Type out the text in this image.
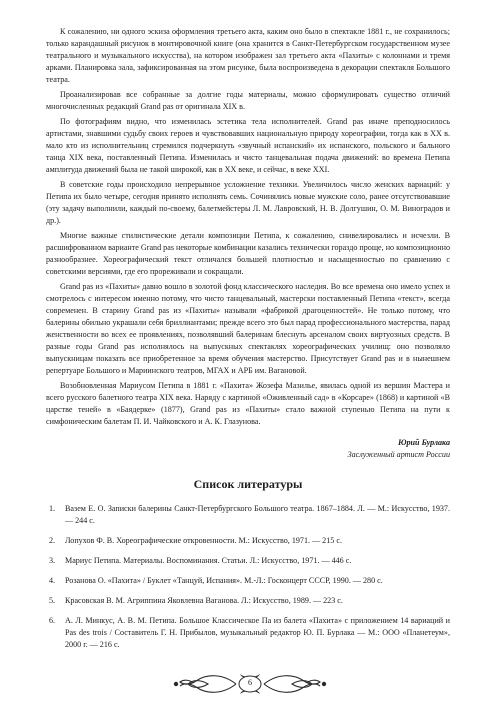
К сожалению, ни одного эскиза оформления третьего акта, каким оно было в спектакле 1881 г., не сохранилось; только карандашный рисунок в монтировочной книге (она хранится в Санкт-Петербургском государственном музее театрального и музыкального искусства), на котором изображен зал третьего акта «Пахиты» с колоннами и тремя арками. Планировка зала, зафиксированная на этом рисунке, была воспроизведена в декорации спектакля Большого театра.

Проанализировав все собранные за долгие годы материалы, можно сформулировать существо отличий многочисленных редакций Grand pas от оригинала XIX в.

По фотографиям видно, что изменилась эстетика тела исполнителей. Grand pas иначе преподносилось артистами, знавшими судьбу своих героев и чувствовавших национальную природу хореографии, тогда как в XX в. мало кто из исполнительниц стремился подчеркнуть «звучный испанский» их испанского, польского и бального танца XIX века, поставленный Петипа. Изменилась и чисто танцевальная подача движений: во времена Петипа амплитуда движений была не такой широкой, как в XX веке, и сейчас, в веке XXI.

В советские годы происходило непрерывное усложнение техники. Увеличилось число женских вариаций: у Петипа их было четыре, сегодня принято исполнять семь. Сочинялись новые мужские соло, ранее отсутствовавшие (эту задачу выполнили, каждый по-своему, балетмейстеры Л. М. Лавровский, Н. В. Долгушин, О. М. Виноградов и др.).

Многие важные стилистические детали композиции Петипа, к сожалению, снивелировались и исчезли. В расшифрованном варианте Grand pas некоторые комбинации казались технически гораздо проще, но композиционно разнообразнее. Хореографический текст отличался большей плотностью и насыщенностью по сравнению с советскими версиями, где его прореживали и сокращали.

Grand pas из «Пахиты» давно вошло в золотой фонд классического наследия. Во все времена оно имело успех и смотрелось с интересом именно потому, что чисто танцевальный, мастерски поставленный Петипа «текст», всегда современен. В старину Grand pas из «Пахиты» называли «фабрикой драгоценностей». Не только потому, что балерины обильно украшали себя бриллиантами; прежде всего это был парад профессионального мастерства, парад женственности во всех ее проявлениях, позволявший балеринам блеснуть арсеналом своих виртуозных средств. В разные годы Grand pas исполнялось на выпускных спектаклях хореографических училищ: оно позволяло выпускницам показать все приобретенное за время обучения мастерство. Присутствует Grand pas и в нынешнем репертуаре Большого и Мариинского театров, МГАХ и АРБ им. Вагановой.

Возобновленная Мариусом Петипа в 1881 г. «Пахита» Жозефа Мазилье, явилась одной из вершин Мастера и всего русского балетного театра XIX века. Наряду с картиной «Оживленный сад» в «Корсаре» (1868) и картиной «В царстве теней» в «Баядерке» (1877), Grand pas из «Пахиты» стало важной ступенью Петипа на пути к симфоническим балетам П. И. Чайковского и А. К. Глазунова.

Юрий Бурлака
Заслуженный артист России
Список литературы
1. Вазем Е. О. Записки балерины Санкт-Петербургского Большого театра. 1867–1884. Л. — М.: Искусство, 1937. — 244 с.
2. Лопухов Ф. В. Хореографические откровенности. М.: Искусство, 1971. — 215 с.
3. Мариус Петипа. Материалы. Воспоминания. Статьи. Л.: Искусство, 1971. — 446 с.
4. Розанова О. «Пахита» / Буклет «Танцуй, Испания». М.-Л.: Госконцерт СССР, 1990. — 280 с.
5. Красовская В. М. Агриппина Яковлевна Ваганова. Л.: Искусство, 1989. — 223 с.
6. А. Л. Минкус, А. В. М. Петипа. Большое Классическое Па из балета «Пахита» с приложением 14 вариаций и Pas des trois / Составитель Г. Н. Прибылов, музыкальный редактор Ю. П. Бурлака — М.: ООО «Планетеум», 2000 г. — 216 с.
6
